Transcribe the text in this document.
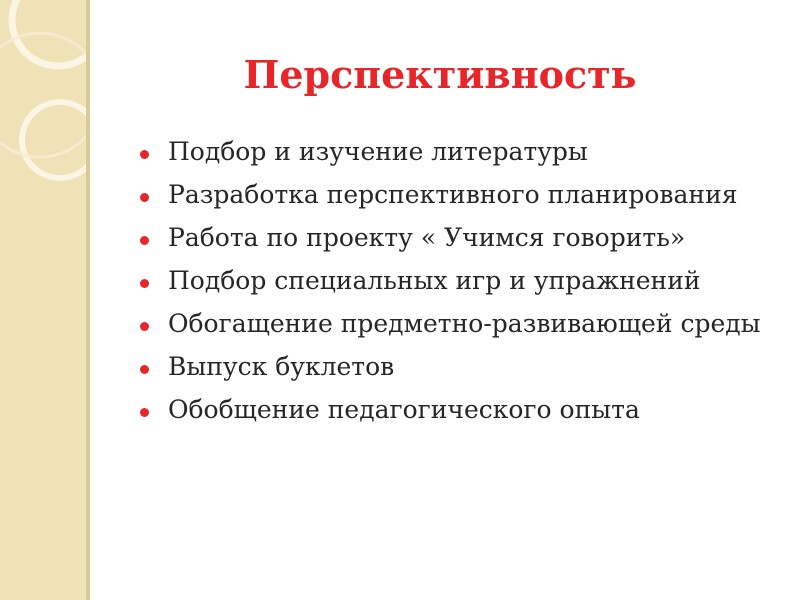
Перспективность
Подбор и изучение литературы
Разработка перспективного планирования
Работа по проекту « Учимся говорить»
Подбор специальных игр и упражнений
Обогащение предметно-развивающей среды
Выпуск буклетов
Обобщение педагогического опыта
